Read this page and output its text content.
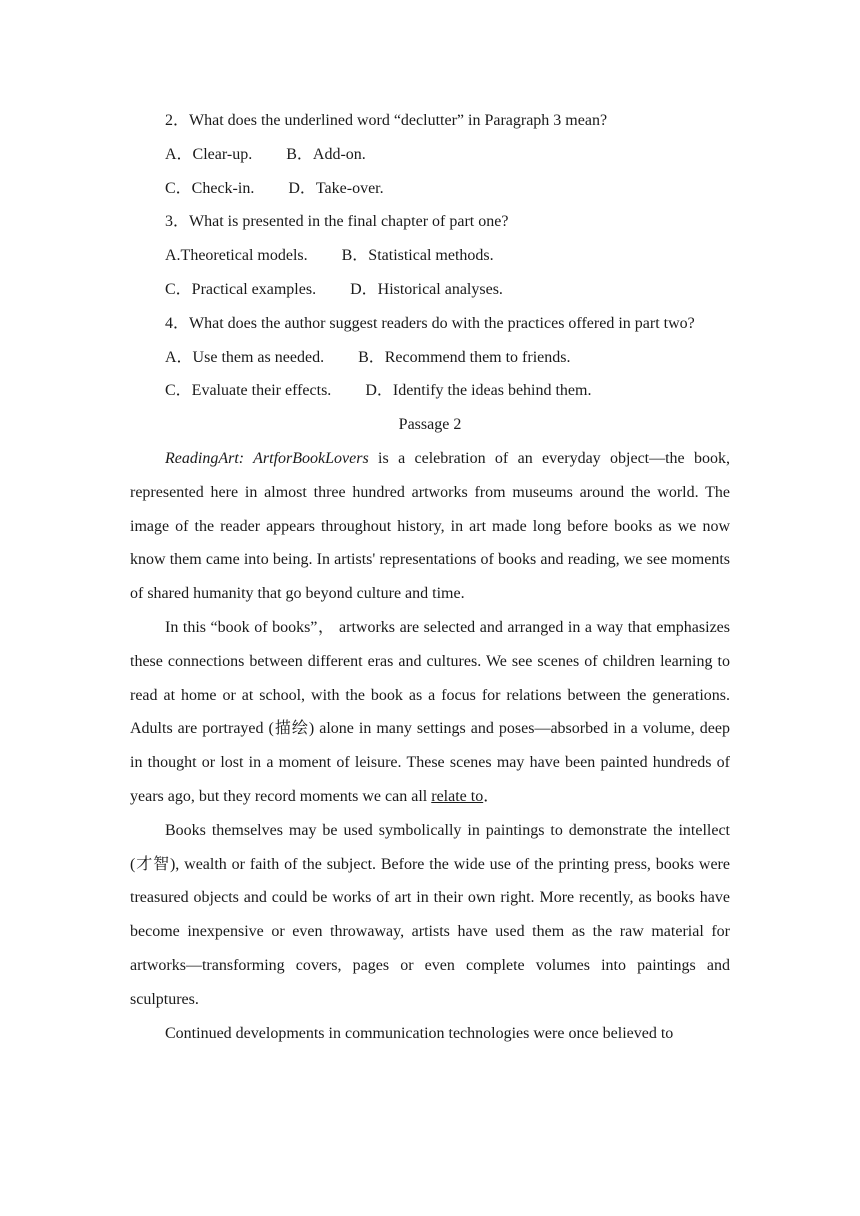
2．What does the underlined word “declutter” in Paragraph 3 mean?

A．Clear-up. B．Add-on.

C．Check-in. D．Take-over.

3．What is presented in the final chapter of part one?

A.Theoretical models. B．Statistical methods.

C．Practical examples. D．Historical analyses.

4．What does the author suggest readers do with the practices offered in part two?

A．Use them as needed. B．Recommend them to friends.

C．Evaluate their effects. D．Identify the ideas behind them.

Passage 2

ReadingArt: ArtforBookLovers is a celebration of an everyday object—the book, represented here in almost three hundred artworks from museums around the world. The image of the reader appears throughout history, in art made long before books as we now know them came into being. In artists' representations of books and reading, we see moments of shared humanity that go beyond culture and time.

In this “book of books”， artworks are selected and arranged in a way that emphasizes these connections between different eras and cultures. We see scenes of children learning to read at home or at school, with the book as a focus for relations between the generations. Adults are portrayed (描绘) alone in many settings and poses—absorbed in a volume, deep in thought or lost in a moment of leisure. These scenes may have been painted hundreds of years ago, but they record moments we can all relate to．

Books themselves may be used symbolically in paintings to demonstrate the intellect (才智), wealth or faith of the subject. Before the wide use of the printing press, books were treasured objects and could be works of art in their own right. More recently, as books have become inexpensive or even throwaway, artists have used them as the raw material for artworks—transforming covers, pages or even complete volumes into paintings and sculptures.

Continued developments in communication technologies were once believed to
